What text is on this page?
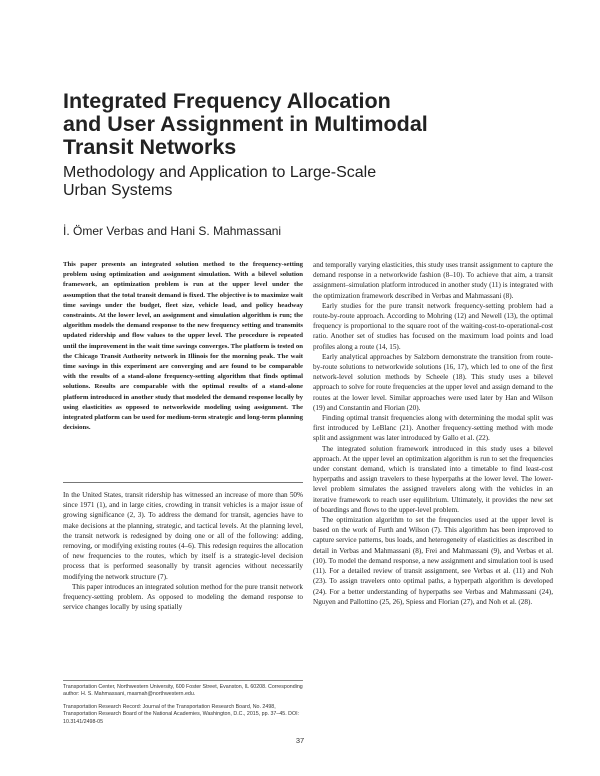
Integrated Frequency Allocation
and User Assignment in Multimodal
Transit Networks
Methodology and Application to Large-Scale
Urban Systems
İ. Ömer Verbas and Hani S. Mahmassani

This paper presents an integrated solution method to the frequency-setting problem using optimization and assignment simulation. With a bilevel solution framework, an optimization problem is run at the upper level under the assumption that the total transit demand is fixed. The objective is to maximize wait time savings under the budget, fleet size, vehicle load, and policy headway constraints. At the lower level, an assignment and simulation algorithm is run; the algorithm models the demand response to the new frequency setting and transmits updated ridership and flow values to the upper level. The procedure is repeated until the improvement in the wait time savings converges. The platform is tested on the Chicago Transit Authority network in Illinois for the morning peak. The wait time savings in this experiment are converging and are found to be comparable with the results of a stand-alone frequency-setting algorithm that finds optimal solutions. Results are comparable with the optimal results of a stand-alone platform introduced in another study that modeled the demand response locally by using elasticities as opposed to networkwide modeling using assignment. The integrated platform can be used for medium-term strategic and long-term planning decisions.

In the United States, transit ridership has witnessed an increase of more than 50% since 1971 (1), and in large cities, crowding in transit vehicles is a major issue of growing significance (2, 3). To address the demand for transit, agencies have to make decisions at the planning, strategic, and tactical levels. At the planning level, the transit network is redesigned by doing one or all of the following: adding, removing, or modifying existing routes (4–6). This redesign requires the allocation of new frequencies to the routes, which by itself is a strategic-level decision process that is performed seasonally by transit agencies without necessarily modifying the network structure (7).

This paper introduces an integrated solution method for the pure transit network frequency-setting problem. As opposed to modeling the demand response to service changes locally by using spatially

Transportation Center, Northwestern University, 600 Foster Street, Evanston, IL 60208. Corresponding author: H. S. Mahmassani, masmah@northwestern.edu.

Transportation Research Record: Journal of the Transportation Research Board, No. 2498, Transportation Research Board of the National Academies, Washington, D.C., 2015, pp. 37–45. DOI: 10.3141/2498-05

and temporally varying elasticities, this study uses transit assignment to capture the demand response in a networkwide fashion (8–10). To achieve that aim, a transit assignment–simulation platform introduced in another study (11) is integrated with the optimization framework described in Verbas and Mahmassani (8).

Early studies for the pure transit network frequency-setting problem had a route-by-route approach. According to Mohring (12) and Newell (13), the optimal frequency is proportional to the square root of the waiting-cost-to-operational-cost ratio. Another set of studies has focused on the maximum load points and load profiles along a route (14, 15).

Early analytical approaches by Salzborn demonstrate the transition from route-by-route solutions to networkwide solutions (16, 17), which led to one of the first network-level solution methods by Scheele (18). This study uses a bilevel approach to solve for route frequencies at the upper level and assign demand to the routes at the lower level. Similar approaches were used later by Han and Wilson (19) and Constantin and Florian (20).

Finding optimal transit frequencies along with determining the modal split was first introduced by LeBlanc (21). Another frequency-setting method with mode split and assignment was later introduced by Gallo et al. (22).

The integrated solution framework introduced in this study uses a bilevel approach. At the upper level an optimization algorithm is run to set the frequencies under constant demand, which is translated into a timetable to find least-cost hyperpaths and assign travelers to these hyperpaths at the lower level. The lower-level problem simulates the assigned travelers along with the vehicles in an iterative framework to reach user equilibrium. Ultimately, it provides the new set of boardings and flows to the upper-level problem.

The optimization algorithm to set the frequencies used at the upper level is based on the work of Furth and Wilson (7). This algorithm has been improved to capture service patterns, bus loads, and heterogeneity of elasticities as described in detail in Verbas and Mahmassani (8), Frei and Mahmassani (9), and Verbas et al. (10). To model the demand response, a new assignment and simulation tool is used (11). For a detailed review of transit assignment, see Verbas et al. (11) and Noh (23). To assign travelers onto optimal paths, a hyperpath algorithm is developed (24). For a better understanding of hyperpaths see Verbas and Mahmassani (24), Nguyen and Pallottino (25, 26), Spiess and Florian (27), and Noh et al. (28).

37
